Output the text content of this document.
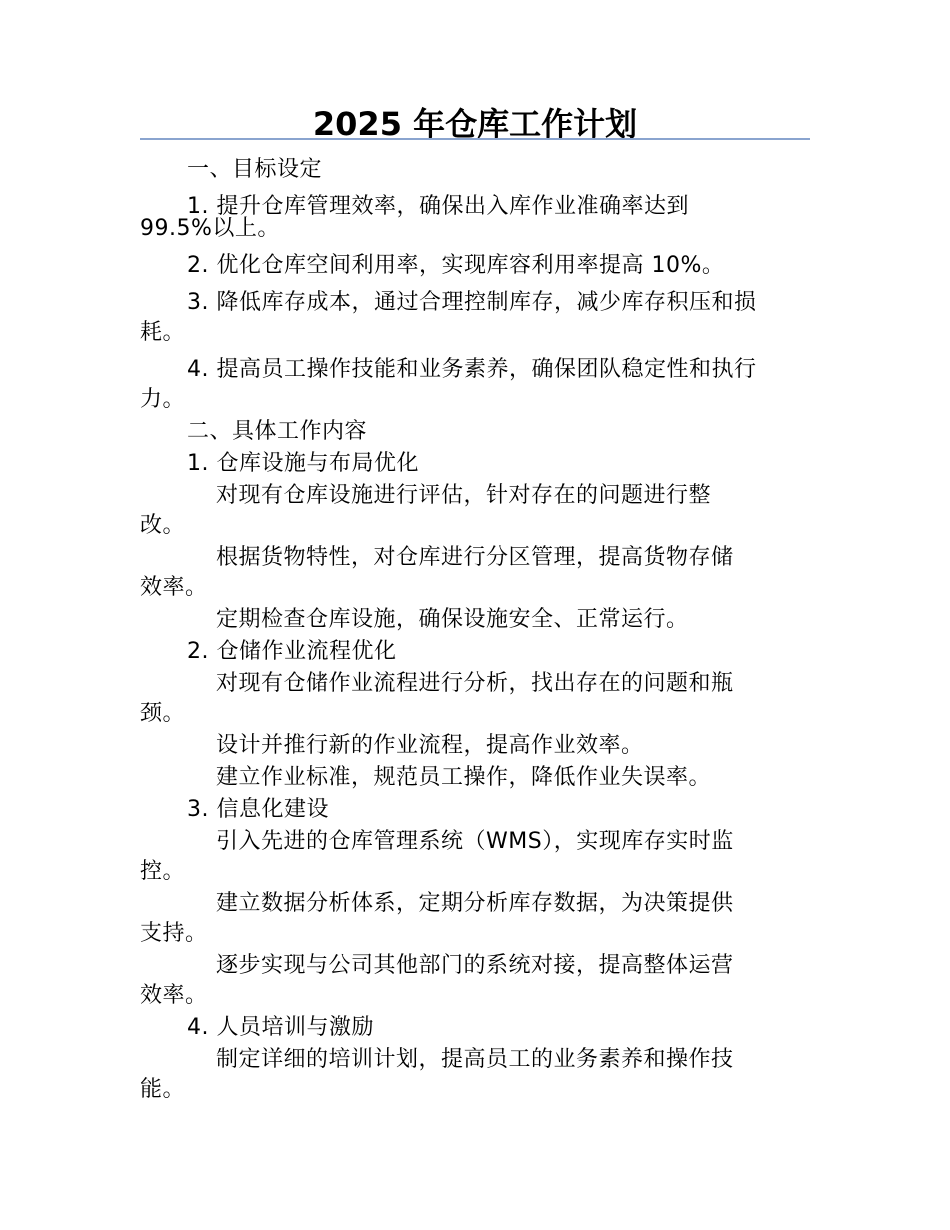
2025 年仓库工作计划

一、目标设定

1. 提升仓库管理效率，确保出入库作业准确率达到
99.5%以上。

2. 优化仓库空间利用率，实现库容利用率提高 10%。

3. 降低库存成本，通过合理控制库存，减少库存积压和损
耗。

4. 提高员工操作技能和业务素养，确保团队稳定性和执行
力。

二、具体工作内容

1. 仓库设施与布局优化

对现有仓库设施进行评估，针对存在的问题进行整
改。

根据货物特性，对仓库进行分区管理，提高货物存储
效率。

定期检查仓库设施，确保设施安全、正常运行。

2. 仓储作业流程优化

对现有仓储作业流程进行分析，找出存在的问题和瓶
颈。

设计并推行新的作业流程，提高作业效率。

建立作业标准，规范员工操作，降低作业失误率。

3. 信息化建设

引入先进的仓库管理系统（WMS），实现库存实时监
控。

建立数据分析体系，定期分析库存数据，为决策提供
支持。

逐步实现与公司其他部门的系统对接，提高整体运营
效率。

4. 人员培训与激励

制定详细的培训计划，提高员工的业务素养和操作技
能。
